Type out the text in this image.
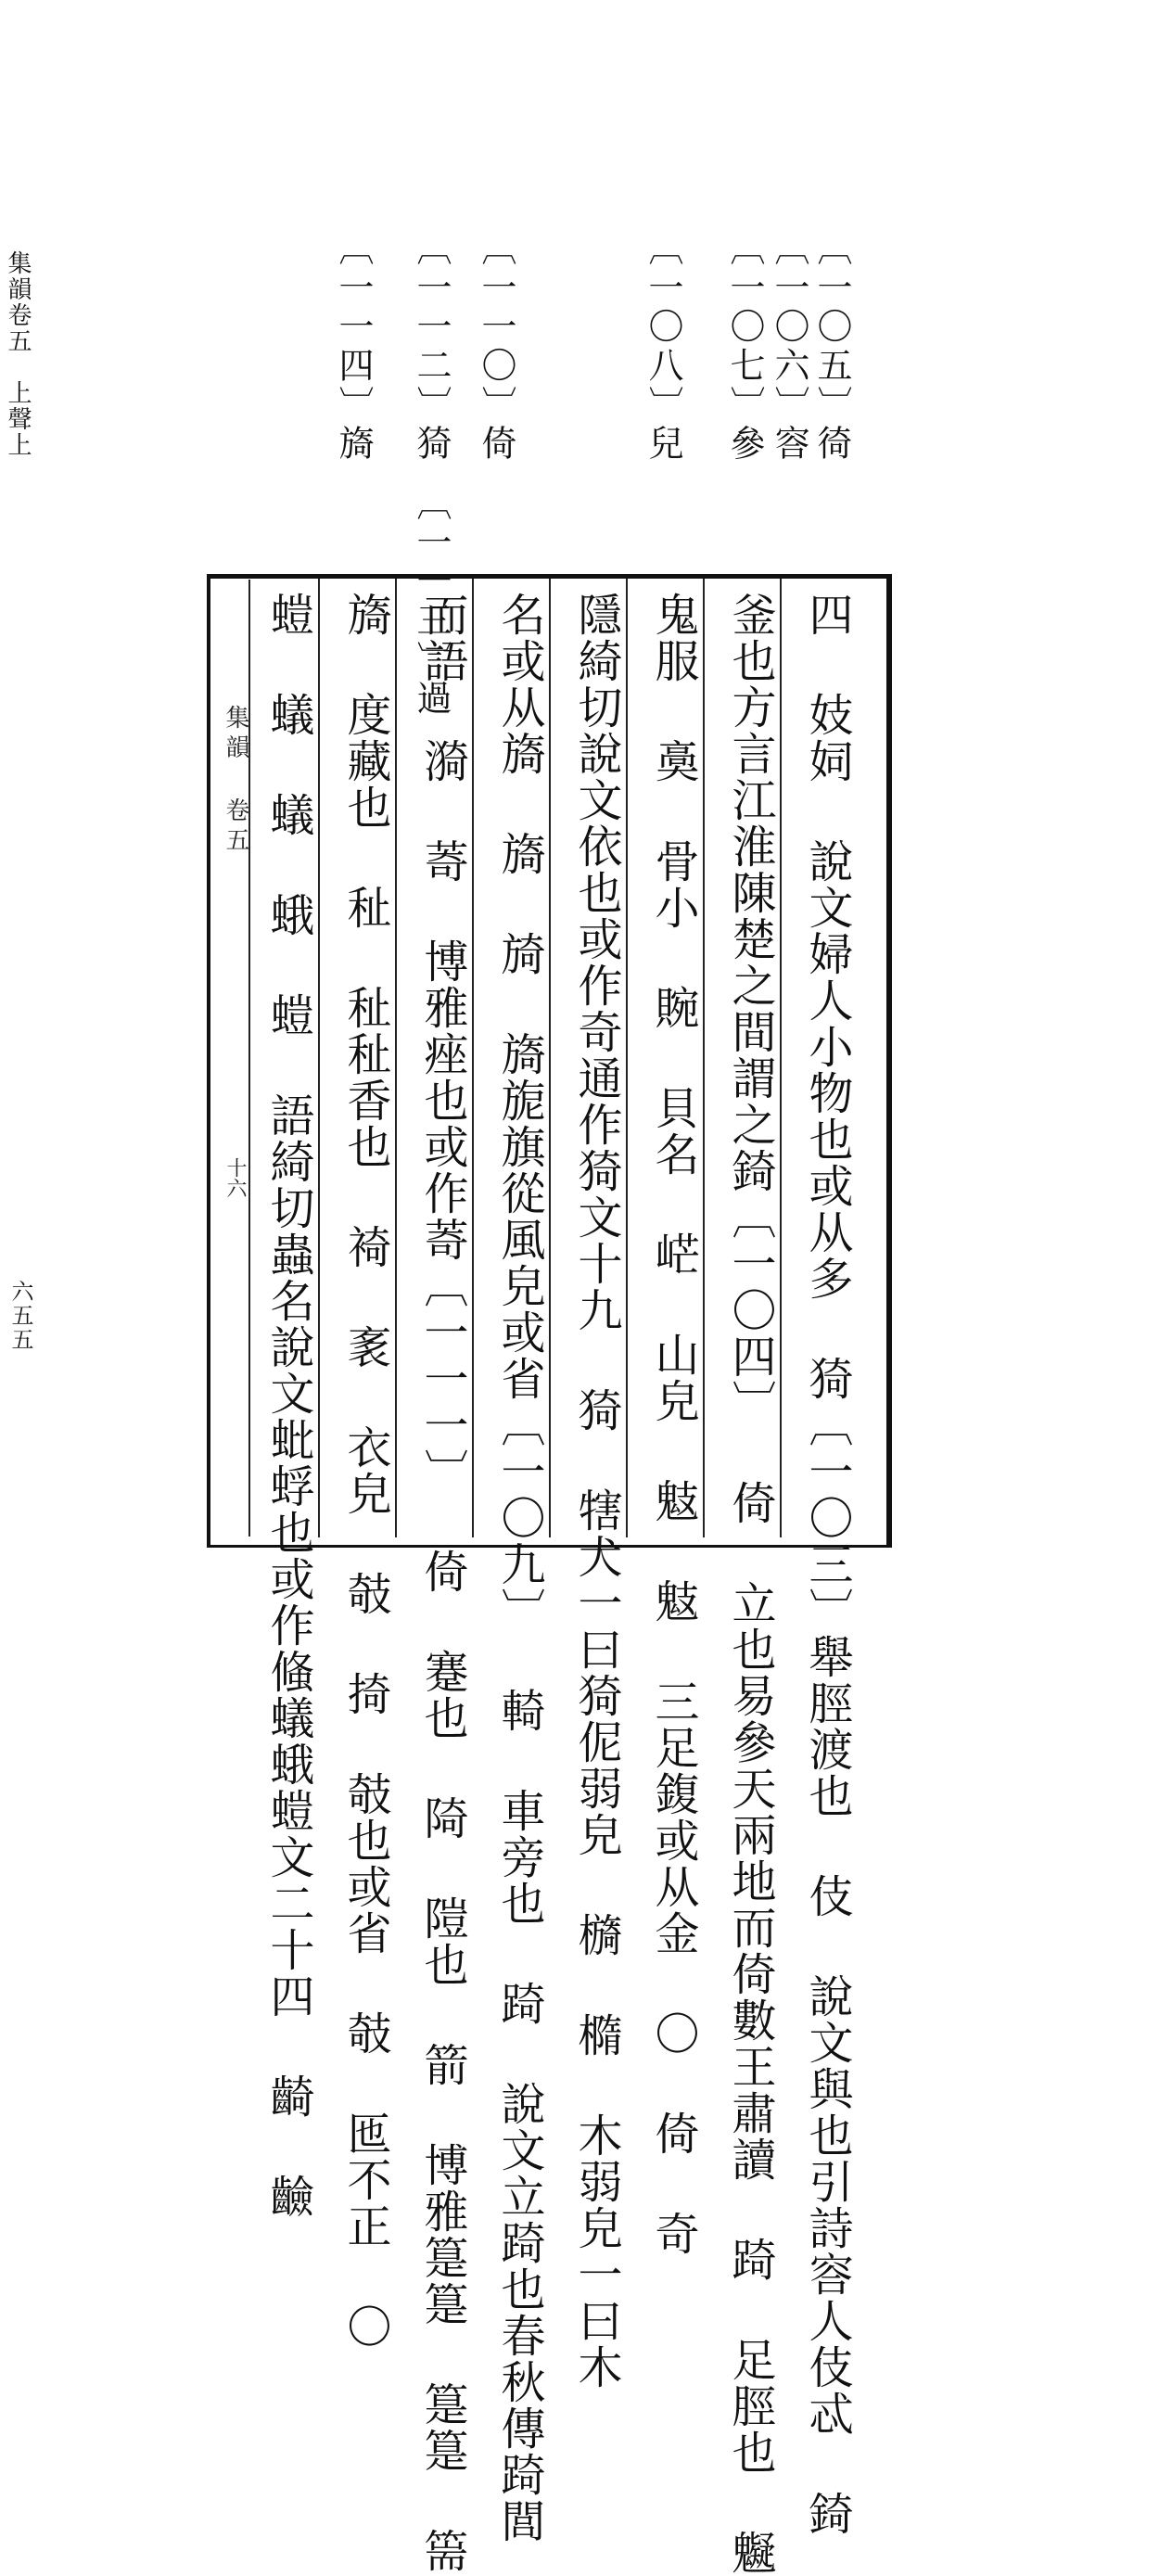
集韻卷五　上聲上
六五五
〔一〇五〕徛
〔一〇六〕䆟
〔一〇七〕參
〔一〇八〕兒
〔一一〇〕倚
〔一一二〕猗　〔一一三〕過
〔一一四〕旖
集韻 卷五
十六	四 妓㚸 說文婦人小物也或从多 猗〔一〇三〕舉脛渡也 伎 說文與也引詩䆟人伎忒 錡
釜也方言江淮陳楚之間謂之錡〔一〇四〕 倚 立也易參天兩地而倚數王肅讀 踦 足脛也 䰯
鬼服 䯨 骨小 䝹 貝名 㟐 山皃 鬾 鬾 三足鍑或从金 〇 倚 奇
隱綺切說文依也或作奇通作猗文十九 猗 犗犬一曰猗伲弱皃 檹 橢 木弱皃一曰木
名或从旖 旖 旑 旖旎旗從風皃或省〔一〇九〕 輢 車旁也 踦 說文立踦也春秋傳踦閭
而語 漪 䓫 博雅痤也或作䓫〔一一一〕 倚 蹇也 陭 隑也 箭 博雅䈕䈕 䈕䈕 篅
旖 度藏也 䄳 䄳䄳香也 裿 袲 衣皃 攲 掎 攲也或省 攲 匜不正 〇
螘 蟻 蟻 蛾 螘 語綺切蟲名說文蚍蜉也或作䖺蟻蛾螘文二十四 齮 䶨
